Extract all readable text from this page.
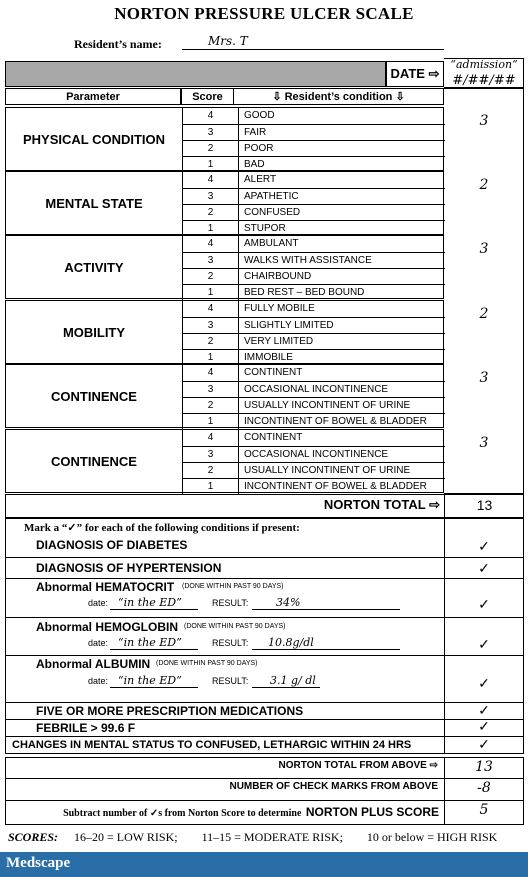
NORTON PRESSURE ULCER SCALE
Resident’s name:	Mrs. T
DATE ⇨
“admission”
#/##/##
Parameter	Score	⇩ Resident’s condition ⇩
PHYSICAL CONDITION
4	GOOD
3	FAIR
2	POOR
1	BAD
3
MENTAL STATE
4	ALERT
3	APATHETIC
2	CONFUSED
1	STUPOR
2
ACTIVITY
4	AMBULANT
3	WALKS WITH ASSISTANCE
2	CHAIRBOUND
1	BED REST – BED BOUND
3
MOBILITY
4	FULLY MOBILE
3	SLIGHTLY LIMITED
2	VERY LIMITED
1	IMMOBILE
2
CONTINENCE
4	CONTINENT
3	OCCASIONAL INCONTINENCE
2	USUALLY INCONTINENT OF URINE
1	INCONTINENT OF BOWEL & BLADDER
3
CONTINENCE
4	CONTINENT
3	OCCASIONAL INCONTINENCE
2	USUALLY INCONTINENT OF URINE
1	INCONTINENT OF BOWEL & BLADDER
3
NORTON TOTAL ⇨	13
Mark a “✓” for each of the following conditions if present:
DIAGNOSIS OF DIABETES	✓
DIAGNOSIS OF HYPERTENSION	✓
Abnormal HEMATOCRIT (DONE WITHIN PAST 90 DAYS)
date: “in the ED”	RESULT:	34%	✓
Abnormal HEMOGLOBIN (DONE WITHIN PAST 90 DAYS)
date: “in the ED”	RESULT: 10.8g/dl	✓
Abnormal ALBUMIN (DONE WITHIN PAST 90 DAYS)
date: “in the ED”	RESULT: 3.1 g/ dl	✓
FIVE OR MORE PRESCRIPTION MEDICATIONS	✓
FEBRILE > 99.6 F	✓
CHANGES IN MENTAL STATUS TO CONFUSED, LETHARGIC WITHIN 24 HRS	✓
NORTON TOTAL FROM ABOVE ⇨	13
NUMBER OF CHECK MARKS FROM ABOVE	-8
Subtract number of ✓s from Norton Score to determine NORTON PLUS SCORE	5
SCORES: 16–20 = LOW RISK; 11–15 = MODERATE RISK; 10 or below = HIGH RISK
Medscape
